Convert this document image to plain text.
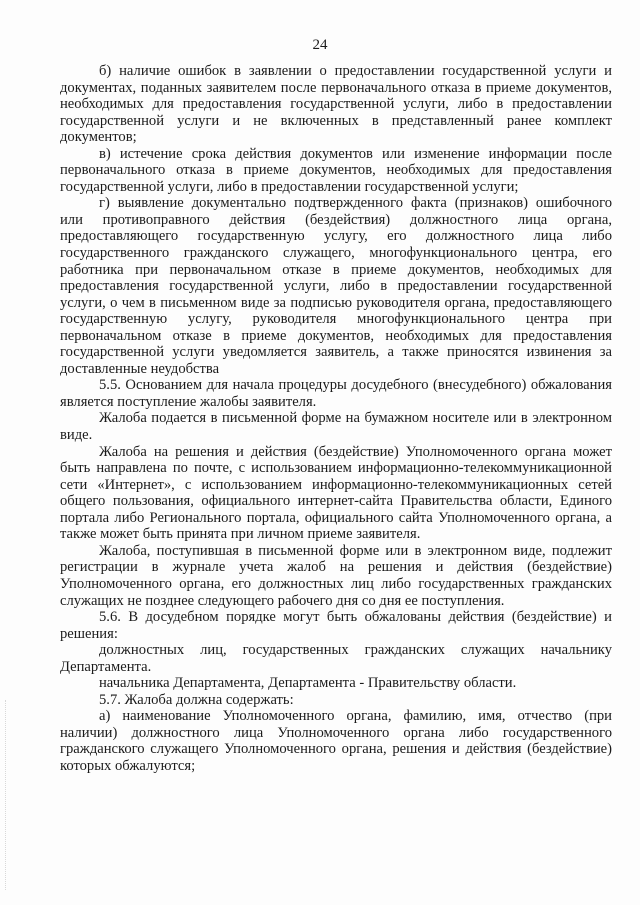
24

б) наличие ошибок в заявлении о предоставлении государственной услуги и документах, поданных заявителем после первоначального отказа в приеме документов, необходимых для предоставления государственной услуги, либо в предоставлении государственной услуги и не включенных в представленный ранее комплект документов;

в) истечение срока действия документов или изменение информации после первоначального отказа в приеме документов, необходимых для предоставления государственной услуги, либо в предоставлении государственной услуги;

г) выявление документально подтвержденного факта (признаков) ошибочного или противоправного действия (бездействия) должностного лица органа, предоставляющего государственную услугу, его должностного лица либо государственного гражданского служащего, многофункционального центра, его работника при первоначальном отказе в приеме документов, необходимых для предоставления государственной услуги, либо в предоставлении государственной услуги, о чем в письменном виде за подписью руководителя органа, предоставляющего государственную услугу, руководителя многофункционального центра при первоначальном отказе в приеме документов, необходимых для предоставления государственной услуги уведомляется заявитель, а также приносятся извинения за доставленные неудобства

5.5. Основанием для начала процедуры досудебного (внесудебного) обжалования является поступление жалобы заявителя.

Жалоба подается в письменной форме на бумажном носителе или в электронном виде.

Жалоба на решения и действия (бездействие) Уполномоченного органа может быть направлена по почте, с использованием информационно-телекоммуникационной сети «Интернет», с использованием информационно-телекоммуникационных сетей общего пользования, официального интернет-сайта Правительства области, Единого портала либо Регионального портала, официального сайта Уполномоченного органа, а также может быть принята при личном приеме заявителя.

Жалоба, поступившая в письменной форме или в электронном виде, подлежит регистрации в журнале учета жалоб на решения и действия (бездействие) Уполномоченного органа, его должностных лиц либо государственных гражданских служащих не позднее следующего рабочего дня со дня ее поступления.

5.6. В досудебном порядке могут быть обжалованы действия (бездействие) и решения:

должностных лиц, государственных гражданских служащих начальнику Департамента.

начальника Департамента, Департамента - Правительству области.

5.7. Жалоба должна содержать:

а) наименование Уполномоченного органа, фамилию, имя, отчество (при наличии) должностного лица Уполномоченного органа либо государственного гражданского служащего Уполномоченного органа, решения и действия (бездействие) которых обжалуются;
